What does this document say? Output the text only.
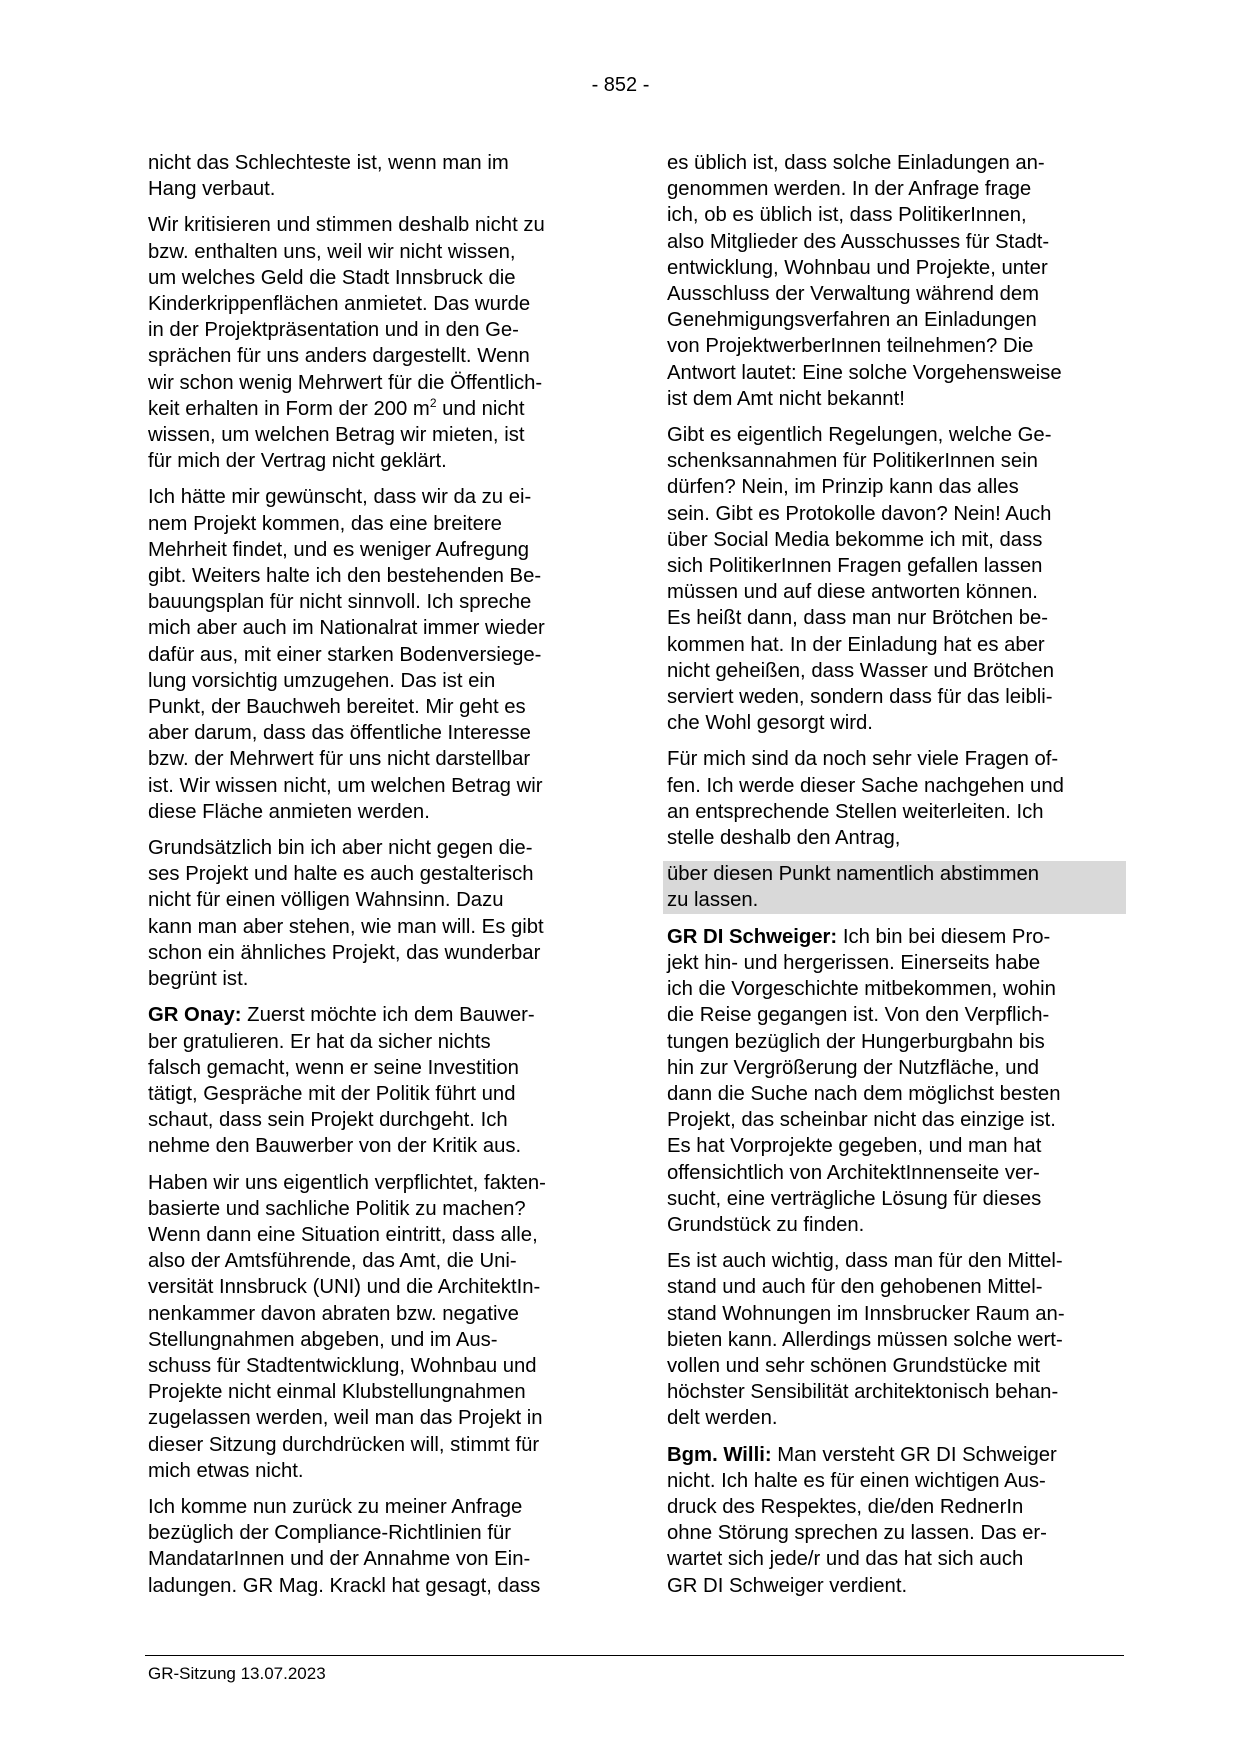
- 852 -

nicht das Schlechteste ist, wenn man im
Hang verbaut.

Wir kritisieren und stimmen deshalb nicht zu
bzw. enthalten uns, weil wir nicht wissen,
um welches Geld die Stadt Innsbruck die
Kinderkrippenflächen anmietet. Das wurde
in der Projektpräsentation und in den Ge-
sprächen für uns anders dargestellt. Wenn
wir schon wenig Mehrwert für die Öffentlich-
keit erhalten in Form der 200 $m^2$ und nicht
wissen, um welchen Betrag wir mieten, ist
für mich der Vertrag nicht geklärt.

Ich hätte mir gewünscht, dass wir da zu ei-
nem Projekt kommen, das eine breitere
Mehrheit findet, und es weniger Aufregung
gibt. Weiters halte ich den bestehenden Be-
bauungsplan für nicht sinnvoll. Ich spreche
mich aber auch im Nationalrat immer wieder
dafür aus, mit einer starken Bodenversiege-
lung vorsichtig umzugehen. Das ist ein
Punkt, der Bauchweh bereitet. Mir geht es
aber darum, dass das öffentliche Interesse
bzw. der Mehrwert für uns nicht darstellbar
ist. Wir wissen nicht, um welchen Betrag wir
diese Fläche anmieten werden.

Grundsätzlich bin ich aber nicht gegen die-
ses Projekt und halte es auch gestalterisch
nicht für einen völligen Wahnsinn. Dazu
kann man aber stehen, wie man will. Es gibt
schon ein ähnliches Projekt, das wunderbar
begrünt ist.

GR Onay: Zuerst möchte ich dem Bauwer-
ber gratulieren. Er hat da sicher nichts
falsch gemacht, wenn er seine Investition
tätigt, Gespräche mit der Politik führt und
schaut, dass sein Projekt durchgeht. Ich
nehme den Bauwerber von der Kritik aus.

Haben wir uns eigentlich verpflichtet, fakten-
basierte und sachliche Politik zu machen?
Wenn dann eine Situation eintritt, dass alle,
also der Amtsführende, das Amt, die Uni-
versität Innsbruck (UNI) und die ArchitektIn-
nenkammer davon abraten bzw. negative
Stellungnahmen abgeben, und im Aus-
schuss für Stadtentwicklung, Wohnbau und
Projekte nicht einmal Klubstellungnahmen
zugelassen werden, weil man das Projekt in
dieser Sitzung durchdrücken will, stimmt für
mich etwas nicht.

Ich komme nun zurück zu meiner Anfrage
bezüglich der Compliance-Richtlinien für
MandatarInnen und der Annahme von Ein-
ladungen. GR Mag. Krackl hat gesagt, dass

es üblich ist, dass solche Einladungen an-
genommen werden. In der Anfrage frage
ich, ob es üblich ist, dass PolitikerInnen,
also Mitglieder des Ausschusses für Stadt-
entwicklung, Wohnbau und Projekte, unter
Ausschluss der Verwaltung während dem
Genehmigungsverfahren an Einladungen
von ProjektwerberInnen teilnehmen? Die
Antwort lautet: Eine solche Vorgehensweise
ist dem Amt nicht bekannt!

Gibt es eigentlich Regelungen, welche Ge-
schenksannahmen für PolitikerInnen sein
dürfen? Nein, im Prinzip kann das alles
sein. Gibt es Protokolle davon? Nein! Auch
über Social Media bekomme ich mit, dass
sich PolitikerInnen Fragen gefallen lassen
müssen und auf diese antworten können.
Es heißt dann, dass man nur Brötchen be-
kommen hat. In der Einladung hat es aber
nicht geheißen, dass Wasser und Brötchen
serviert weden, sondern dass für das leibli-
che Wohl gesorgt wird.

Für mich sind da noch sehr viele Fragen of-
fen. Ich werde dieser Sache nachgehen und
an entsprechende Stellen weiterleiten. Ich
stelle deshalb den Antrag,

über diesen Punkt namentlich abstimmen
zu lassen.

GR DI Schweiger: Ich bin bei diesem Pro-
jekt hin- und hergerissen. Einerseits habe
ich die Vorgeschichte mitbekommen, wohin
die Reise gegangen ist. Von den Verpflich-
tungen bezüglich der Hungerburgbahn bis
hin zur Vergrößerung der Nutzfläche, und
dann die Suche nach dem möglichst besten
Projekt, das scheinbar nicht das einzige ist.
Es hat Vorprojekte gegeben, und man hat
offensichtlich von ArchitektInnenseite ver-
sucht, eine verträgliche Lösung für dieses
Grundstück zu finden.

Es ist auch wichtig, dass man für den Mittel-
stand und auch für den gehobenen Mittel-
stand Wohnungen im Innsbrucker Raum an-
bieten kann. Allerdings müssen solche wert-
vollen und sehr schönen Grundstücke mit
höchster Sensibilität architektonisch behan-
delt werden.

Bgm. Willi: Man versteht GR DI Schweiger
nicht. Ich halte es für einen wichtigen Aus-
druck des Respektes, die/den RednerIn
ohne Störung sprechen zu lassen. Das er-
wartet sich jede/r und das hat sich auch
GR DI Schweiger verdient.

GR-Sitzung 13.07.2023
